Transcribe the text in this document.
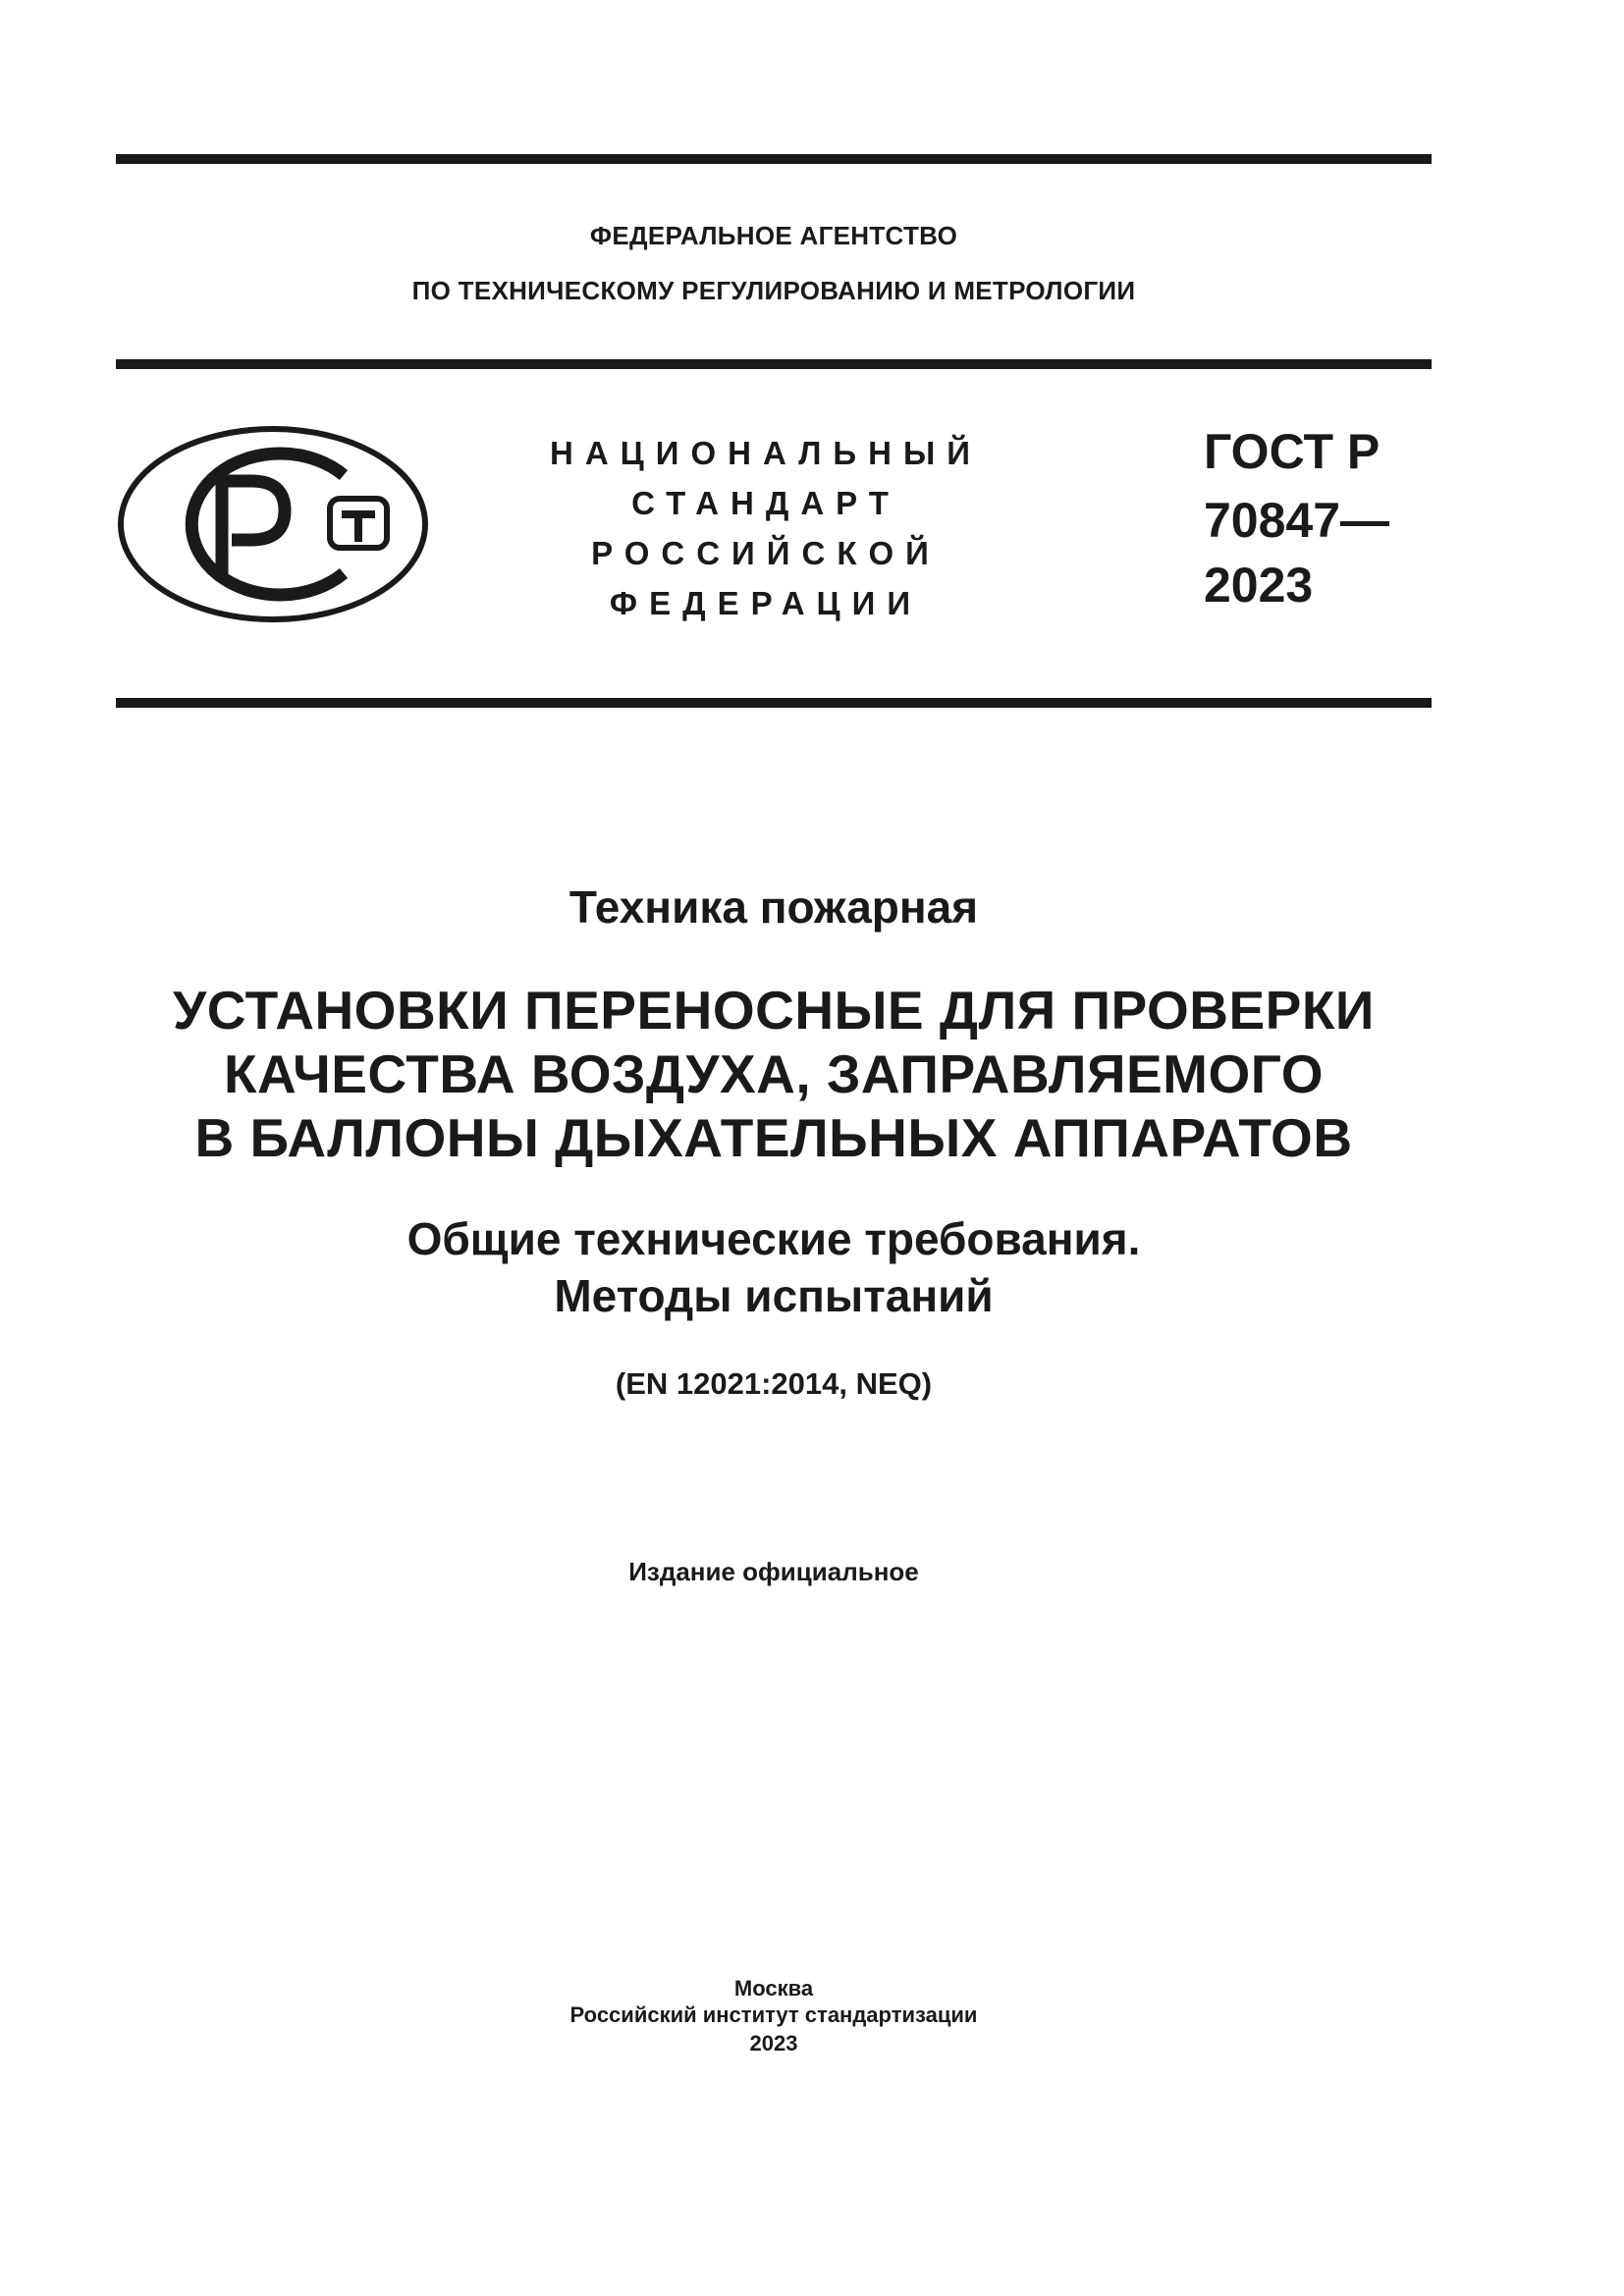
ФЕДЕРАЛЬНОЕ АГЕНТСТВО
ПО ТЕХНИЧЕСКОМУ РЕГУЛИРОВАНИЮ И МЕТРОЛОГИИ
НАЦИОНАЛЬНЫЙ
СТАНДАРТ
РОССИЙСКОЙ
ФЕДЕРАЦИИ
ГОСТ Р
70847—
2023
Техника пожарная
УСТАНОВКИ ПЕРЕНОСНЫЕ ДЛЯ ПРОВЕРКИ
КАЧЕСТВА ВОЗДУХА, ЗАПРАВЛЯЕМОГО
В БАЛЛОНЫ ДЫХАТЕЛЬНЫХ АППАРАТОВ
Общие технические требования.
Методы испытаний
(EN 12021:2014, NEQ)
Издание официальное
Москва
Российский институт стандартизации
2023
